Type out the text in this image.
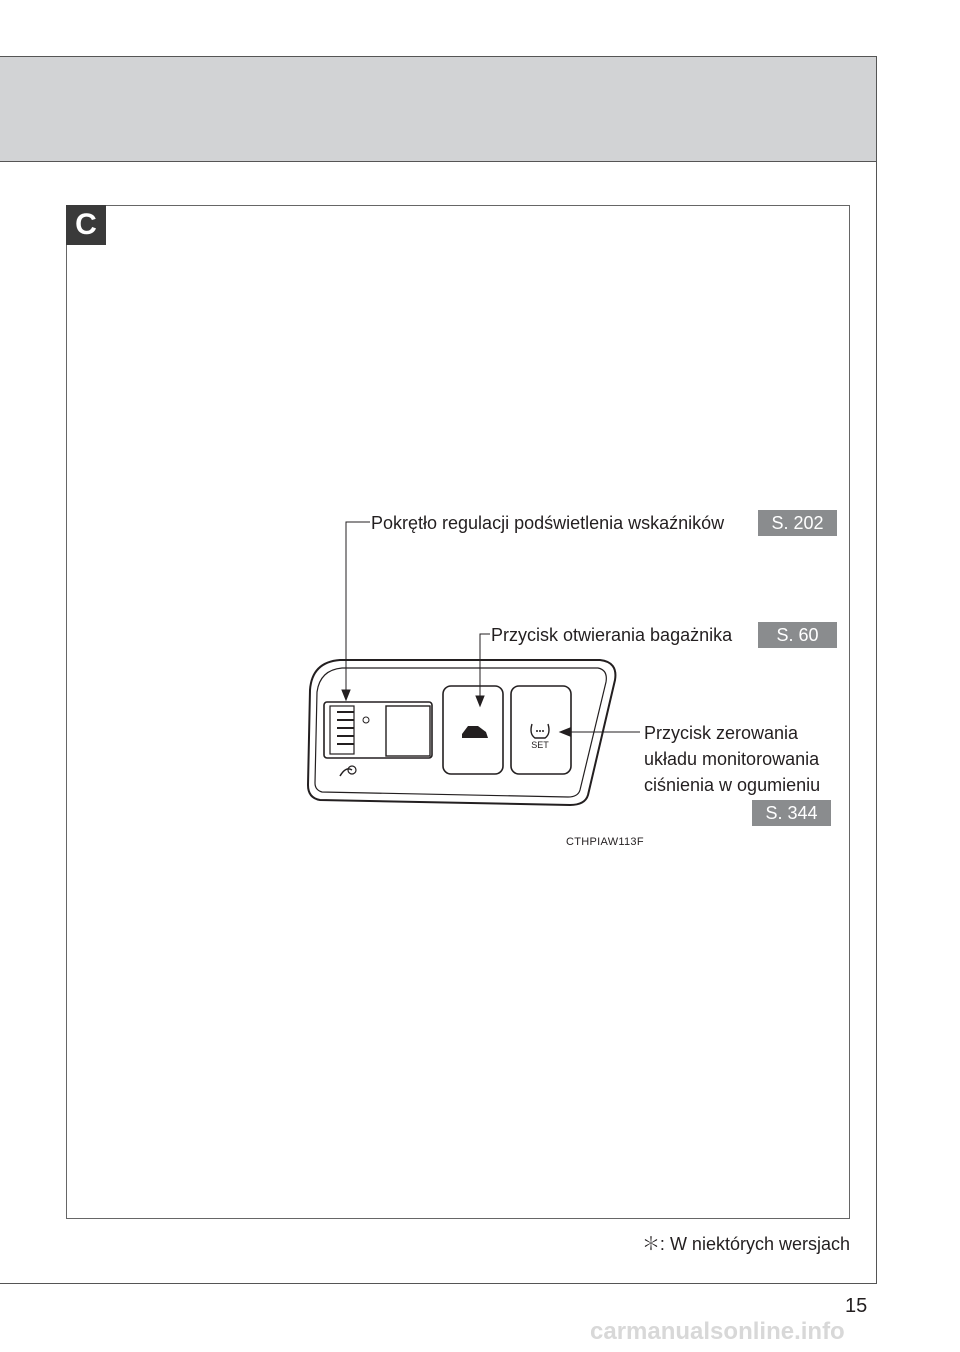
C
SET
Pokrętło regulacji podświetlenia wskaźników	S. 202
Przycisk otwierania bagażnika	S. 60
Przycisk zerowania
układu monitorowania
ciśnienia w ogumieniu
S. 344
CTHPIAW113F
＊: W niektórych wersjach
15
carmanualsonline.info
